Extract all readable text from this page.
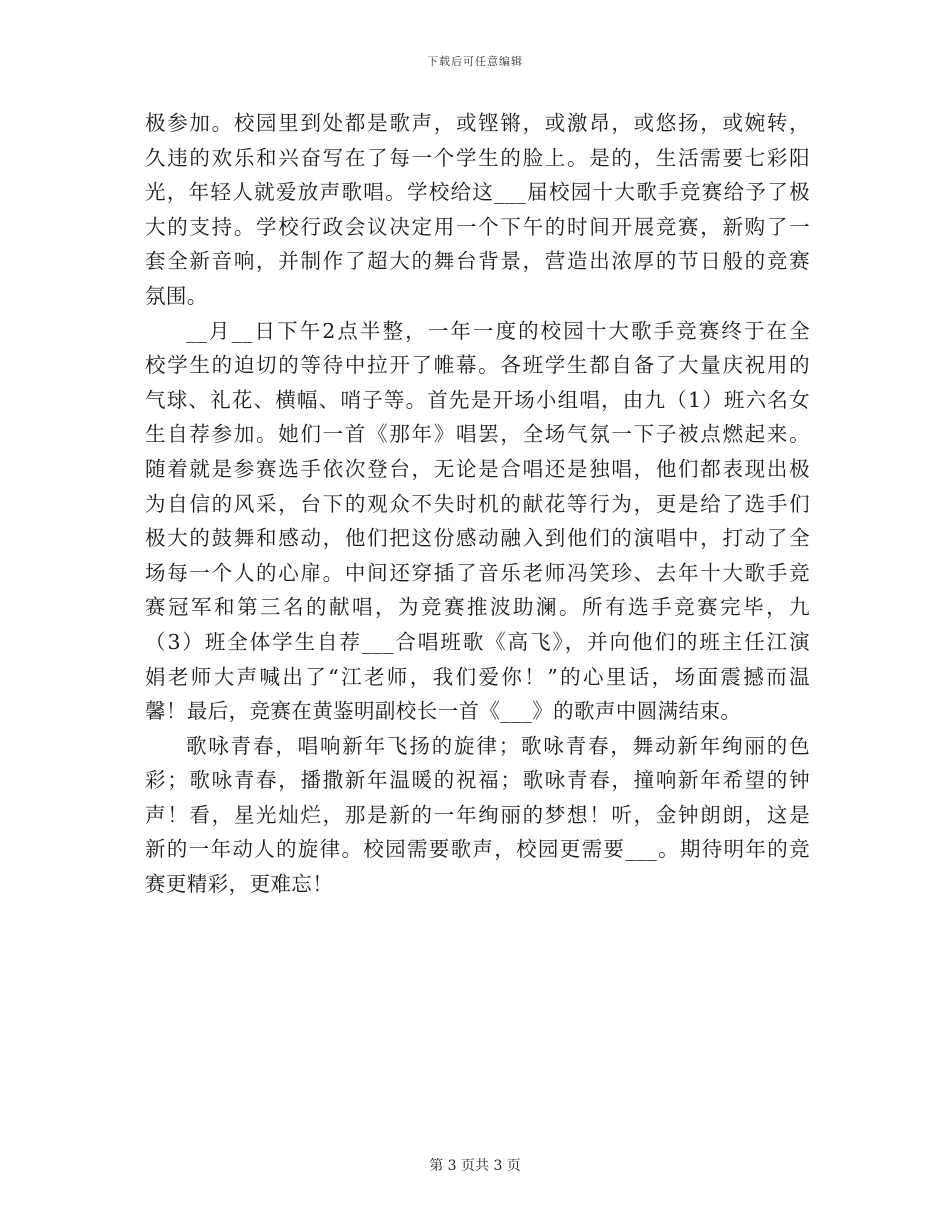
下载后可任意编辑
极参加。校园里到处都是歌声，或铿锵，或激昂，或悠扬，或婉转，
久违的欢乐和兴奋写在了每一个学生的脸上。是的，生活需要七彩阳
光，年轻人就爱放声歌唱。学校给这___届校园十大歌手竞赛给予了极
大的支持。学校行政会议决定用一个下午的时间开展竞赛，新购了一
套全新音响，并制作了超大的舞台背景，营造出浓厚的节日般的竞赛
氛围。
__月__日下午2点半整，一年一度的校园十大歌手竞赛终于在全
校学生的迫切的等待中拉开了帷幕。各班学生都自备了大量庆祝用的
气球、礼花、横幅、哨子等。首先是开场小组唱，由九（1）班六名女
生自荐参加。她们一首《那年》唱罢，全场气氛一下子被点燃起来。
随着就是参赛选手依次登台，无论是合唱还是独唱，他们都表现出极
为自信的风采，台下的观众不失时机的献花等行为，更是给了选手们
极大的鼓舞和感动，他们把这份感动融入到他们的演唱中，打动了全
场每一个人的心扉。中间还穿插了音乐老师冯笑珍、去年十大歌手竞
赛冠军和第三名的献唱，为竞赛推波助澜。所有选手竞赛完毕，九
（3）班全体学生自荐___合唱班歌《高飞》，并向他们的班主任江演
娟老师大声喊出了“江老师，我们爱你！”的心里话，场面震撼而温
馨！最后，竞赛在黄鉴明副校长一首《___》的歌声中圆满结束。
歌咏青春，唱响新年飞扬的旋律；歌咏青春，舞动新年绚丽的色
彩；歌咏青春，播撒新年温暖的祝福；歌咏青春，撞响新年希望的钟
声！看，星光灿烂，那是新的一年绚丽的梦想！听，金钟朗朗，这是
新的一年动人的旋律。校园需要歌声，校园更需要___。期待明年的竞
赛更精彩，更难忘！
第 3 页共 3 页
